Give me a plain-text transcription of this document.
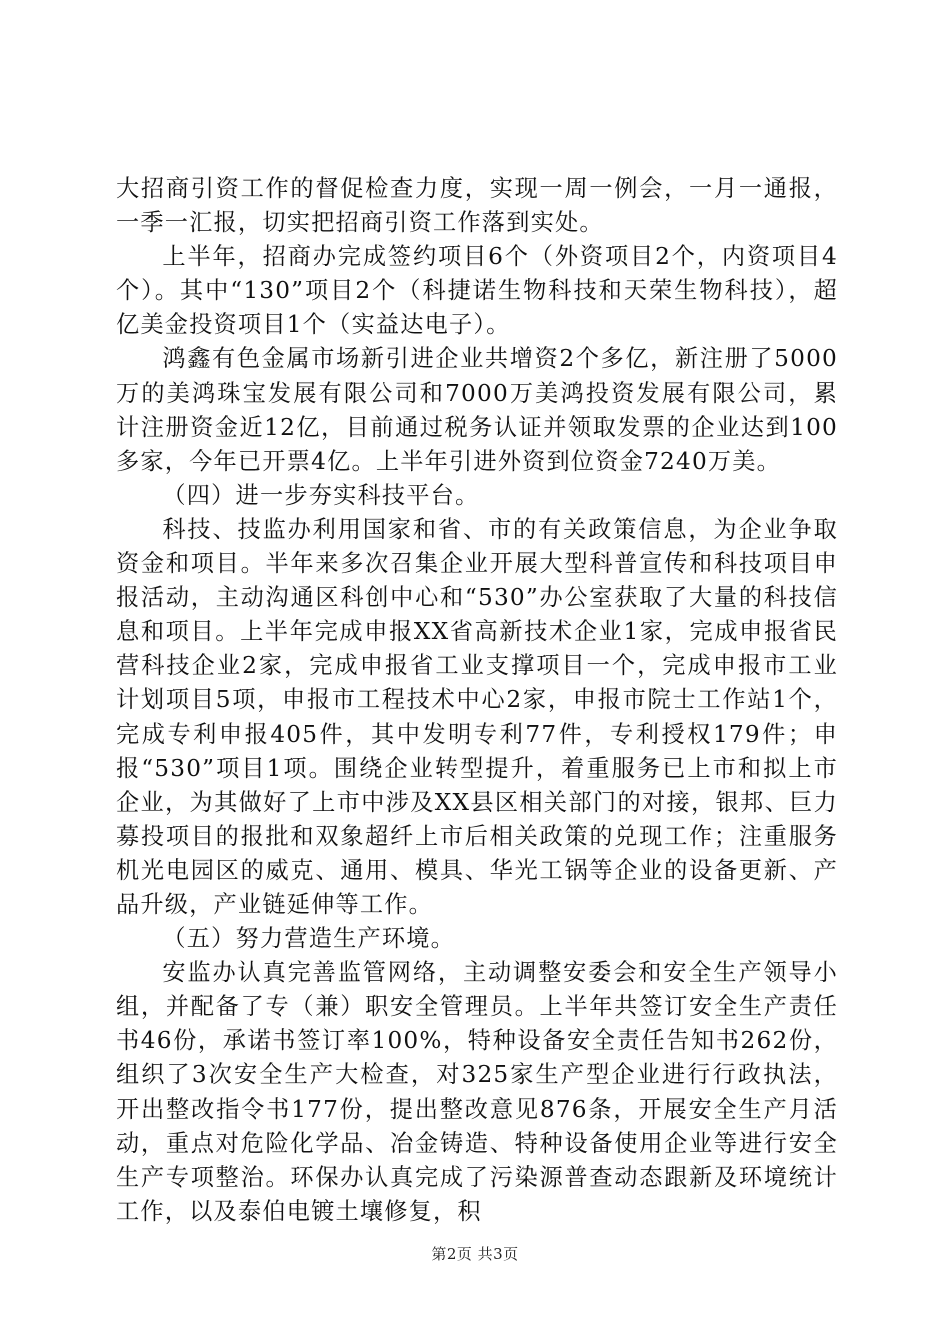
大招商引资工作的督促检查力度，实现一周一例会，一月一通报，一季一汇报，切实把招商引资工作落到实处。

上半年，招商办完成签约项目6个（外资项目2个，内资项目4个）。其中“130”项目2个（科捷诺生物科技和天荣生物科技），超亿美金投资项目1个（实益达电子）。

鸿鑫有色金属市场新引进企业共增资2个多亿，新注册了5000万的美鸿珠宝发展有限公司和7000万美鸿投资发展有限公司，累计注册资金近12亿，目前通过税务认证并领取发票的企业达到100多家，今年已开票4亿。上半年引进外资到位资金7240万美。

（四）进一步夯实科技平台。

科技、技监办利用国家和省、市的有关政策信息，为企业争取资金和项目。半年来多次召集企业开展大型科普宣传和科技项目申报活动，主动沟通区科创中心和“530”办公室获取了大量的科技信息和项目。上半年完成申报XX省高新技术企业1家，完成申报省民营科技企业2家，完成申报省工业支撑项目一个，完成申报市工业计划项目5项，申报市工程技术中心2家，申报市院士工作站1个，完成专利申报405件，其中发明专利77件，专利授权179件；申报“530”项目1项。围绕企业转型提升，着重服务已上市和拟上市企业，为其做好了上市中涉及XX县区相关部门的对接，银邦、巨力募投项目的报批和双象超纤上市后相关政策的兑现工作；注重服务机光电园区的威克、通用、模具、华光工锅等企业的设备更新、产品升级，产业链延伸等工作。

（五）努力营造生产环境。

安监办认真完善监管网络，主动调整安委会和安全生产领导小组，并配备了专（兼）职安全管理员。上半年共签订安全生产责任书46份，承诺书签订率100%，特种设备安全责任告知书262份，组织了3次安全生产大检查，对325家生产型企业进行行政执法，开出整改指令书177份，提出整改意见876条，开展安全生产月活动，重点对危险化学品、冶金铸造、特种设备使用企业等进行安全生产专项整治。环保办认真完成了污染源普查动态跟新及环境统计工作，以及泰伯电镀土壤修复，积

第2页 共3页
